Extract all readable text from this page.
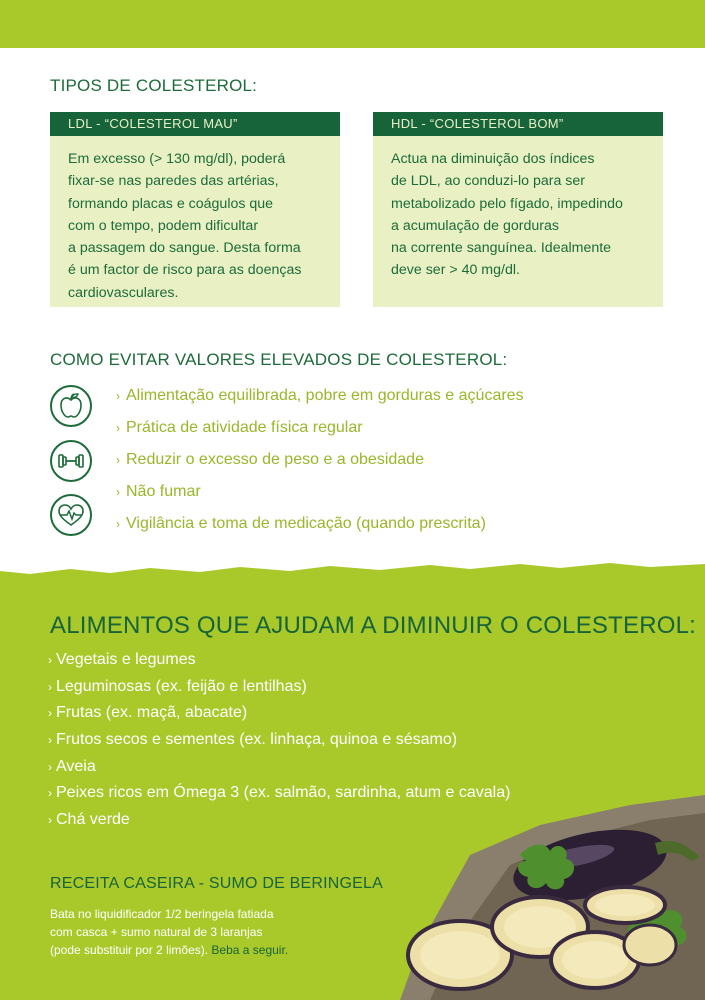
TIPOS DE COLESTEROL:
LDL - “COLESTEROL MAU”
Em excesso (> 130 mg/dl), poderá
fixar-se nas paredes das artérias,
formando placas e coágulos que
com o tempo, podem dificultar
a passagem do sangue. Desta forma
é um factor de risco para as doenças
cardiovasculares.
HDL - “COLESTEROL BOM”
Actua na diminuição dos índices
de LDL, ao conduzi-lo para ser
metabolizado pelo fígado, impedindo
a acumulação de gorduras
na corrente sanguínea. Idealmente
deve ser > 40 mg/dl.
COMO EVITAR VALORES ELEVADOS DE COLESTEROL:
› Alimentação equilibrada, pobre em gorduras e açúcares
› Prática de atividade física regular
› Reduzir o excesso de peso e a obesidade
› Não fumar
› Vigilância e toma de medicação (quando prescrita)
ALIMENTOS QUE AJUDAM A DIMINUIR O COLESTEROL:
› Vegetais e legumes
› Leguminosas (ex. feijão e lentilhas)
› Frutas (ex. maçã, abacate)
› Frutos secos e sementes (ex. linhaça, quinoa e sésamo)
› Aveia
› Peixes ricos em Ómega 3 (ex. salmão, sardinha, atum e cavala)
› Chá verde
RECEITA CASEIRA - SUMO DE BERINGELA

Bata no liquidificador 1/2 beringela fatiada
com casca + sumo natural de 3 laranjas
(pode substituir por 2 limões). Beba a seguir.
